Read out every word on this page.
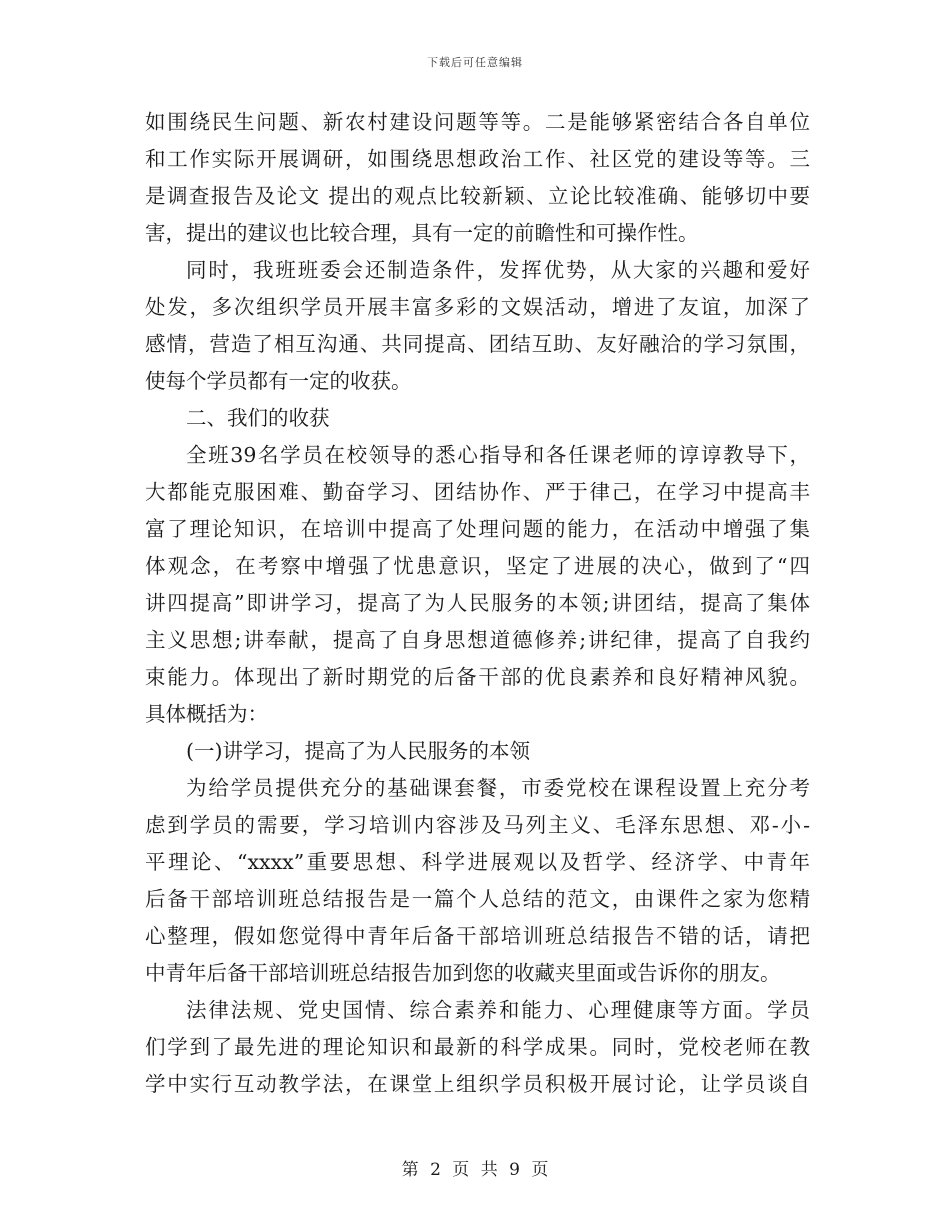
下载后可任意编辑
如围绕民生问题、新农村建设问题等等。二是能够紧密结合各自单位
和工作实际开展调研，如围绕思想政治工作、社区党的建设等等。三
是调查报告及论文 提出的观点比较新颖、立论比较准确、能够切中要
害，提出的建议也比较合理，具有一定的前瞻性和可操作性。
同时，我班班委会还制造条件，发挥优势，从大家的兴趣和爱好
处发，多次组织学员开展丰富多彩的文娱活动，增进了友谊，加深了
感情，营造了相互沟通、共同提高、团结互助、友好融洽的学习氛围，
使每个学员都有一定的收获。
二、我们的收获
全班39名学员在校领导的悉心指导和各任课老师的谆谆教导下，
大都能克服困难、勤奋学习、团结协作、严于律己，在学习中提高丰
富了理论知识，在培训中提高了处理问题的能力，在活动中增强了集
体观念，在考察中增强了忧患意识，坚定了进展的决心，做到了“四
讲四提高”即讲学习，提高了为人民服务的本领;讲团结，提高了集体
主义思想;讲奉献，提高了自身思想道德修养;讲纪律，提高了自我约
束能力。体现出了新时期党的后备干部的优良素养和良好精神风貌。
具体概括为：
(一)讲学习，提高了为人民服务的本领
为给学员提供充分的基础课套餐，市委党校在课程设置上充分考
虑到学员的需要，学习培训内容涉及马列主义、毛泽东思想、邓-小-
平理论、“xxxx”重要思想、科学进展观以及哲学、经济学、中青年
后备干部培训班总结报告是一篇个人总结的范文，由课件之家为您精
心整理，假如您觉得中青年后备干部培训班总结报告不错的话，请把
中青年后备干部培训班总结报告加到您的收藏夹里面或告诉你的朋友。
法律法规、党史国情、综合素养和能力、心理健康等方面。学员
们学到了最先进的理论知识和最新的科学成果。同时，党校老师在教
学中实行互动教学法，在课堂上组织学员积极开展讨论，让学员谈自
第 2 页 共 9 页
